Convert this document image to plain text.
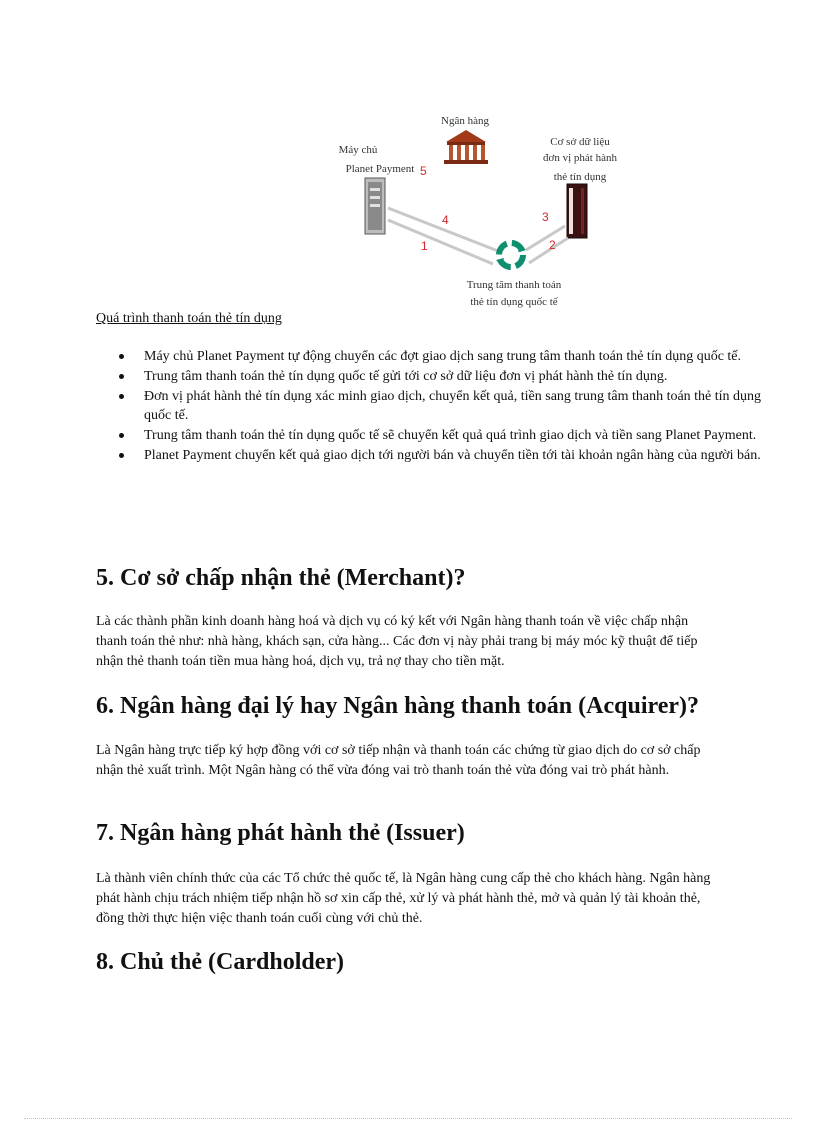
Ngân hàng
Máy chủ
Planet Payment
Cơ sở dữ liệu
đơn vị phát hành
thẻ tín dụng
Trung tâm thanh toán
thẻ tín dụng quốc tế
1	2
3
4
5

Quá trình thanh toán thẻ tín dụng

Máy chủ Planet Payment tự động chuyển các đợt giao dịch sang trung tâm thanh toán thẻ tín dụng quốc tế.
Trung tâm thanh toán thẻ tín dụng quốc tế gửi tới cơ sở dữ liệu đơn vị phát hành thẻ tín dụng.
Đơn vị phát hành thẻ tín dụng xác minh giao dịch, chuyển kết quả, tiền sang trung tâm thanh toán thẻ tín dụng quốc tế.
Trung tâm thanh toán thẻ tín dụng quốc tế sẽ chuyển kết quả quá trình giao dịch và tiền sang Planet Payment.
Planet Payment chuyển kết quả giao dịch tới người bán và chuyển tiền tới tài khoản ngân hàng của người bán.
5. Cơ sở chấp nhận thẻ (Merchant)?

Là các thành phần kinh doanh hàng hoá và dịch vụ có ký kết với Ngân hàng thanh toán về việc chấp nhận thanh toán thẻ như: nhà hàng, khách sạn, cửa hàng... Các đơn vị này phải trang bị máy móc kỹ thuật để tiếp nhận thẻ thanh toán tiền mua hàng hoá, dịch vụ, trả nợ thay cho tiền mặt.

6. Ngân hàng đại lý hay Ngân hàng thanh toán (Acquirer)?

Là Ngân hàng trực tiếp ký hợp đồng với cơ sở tiếp nhận và thanh toán các chứng từ giao dịch do cơ sở chấp nhận thẻ xuất trình. Một Ngân hàng có thể vừa đóng vai trò thanh toán thẻ vừa đóng vai trò phát hành.

7. Ngân hàng phát hành thẻ (Issuer)

Là thành viên chính thức của các Tổ chức thẻ quốc tế, là Ngân hàng cung cấp thẻ cho khách hàng. Ngân hàng phát hành chịu trách nhiệm tiếp nhận hồ sơ xin cấp thẻ, xử lý và phát hành thẻ, mở và quản lý tài khoản thẻ, đồng thời thực hiện việc thanh toán cuối cùng với chủ thẻ.

8. Chủ thẻ (Cardholder)
